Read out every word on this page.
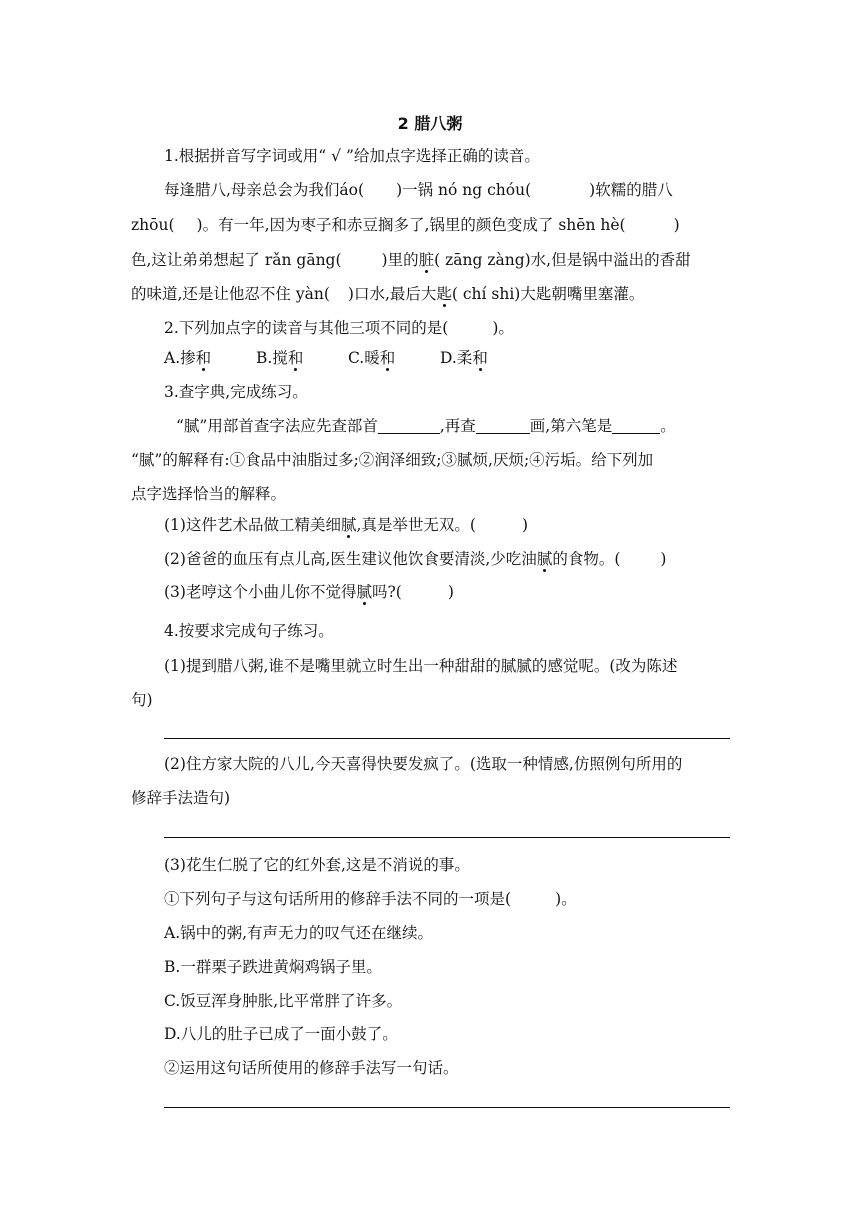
2 腊八粥
1.根据拼音写字词或用“ √ ”给加点字选择正确的读音。
每逢腊八,母亲总会为我们áo( )一锅 nó ng chóu(	)软糯的腊八
zhōu( )。有一年,因为枣子和赤豆搁多了,锅里的颜色变成了 shēn hè(	)
色,这让弟弟想起了 rǎn gāng(	)里的脏( zāng zàng)水,但是锅中溢出的香甜
的味道,还是让他忍不住 yàn( )口水,最后大匙( chí shi)大匙朝嘴里塞灌。
2.下列加点字的读音与其他三项不同的是(	)。
A.掺和	B.搅和	C.暖和	D.柔和
3.查字典,完成练习。
“腻”用部首查字法应先查部首	,再查	画,第六笔是	。
“腻”的解释有:①食品中油脂过多;②润泽细致;③腻烦,厌烦;④污垢。给下列加
点字选择恰当的解释。
(1)这件艺术品做工精美细腻,真是举世无双。(	)
(2)爸爸的血压有点儿高,医生建议他饮食要清淡,少吃油腻的食物。(	)
(3)老哼这个小曲儿你不觉得腻吗?(	)
4.按要求完成句子练习。
(1)提到腊八粥,谁不是嘴里就立时生出一种甜甜的腻腻的感觉呢。(改为陈述
句)
(2)住方家大院的八儿,今天喜得快要发疯了。(选取一种情感,仿照例句所用的
修辞手法造句)
(3)花生仁脱了它的红外套,这是不消说的事。
①下列句子与这句话所用的修辞手法不同的一项是(	)。
A.锅中的粥,有声无力的叹气还在继续。
B.一群栗子跌进黄焖鸡锅子里。
C.饭豆浑身肿胀,比平常胖了许多。
D.八儿的肚子已成了一面小鼓了。
②运用这句话所使用的修辞手法写一句话。
